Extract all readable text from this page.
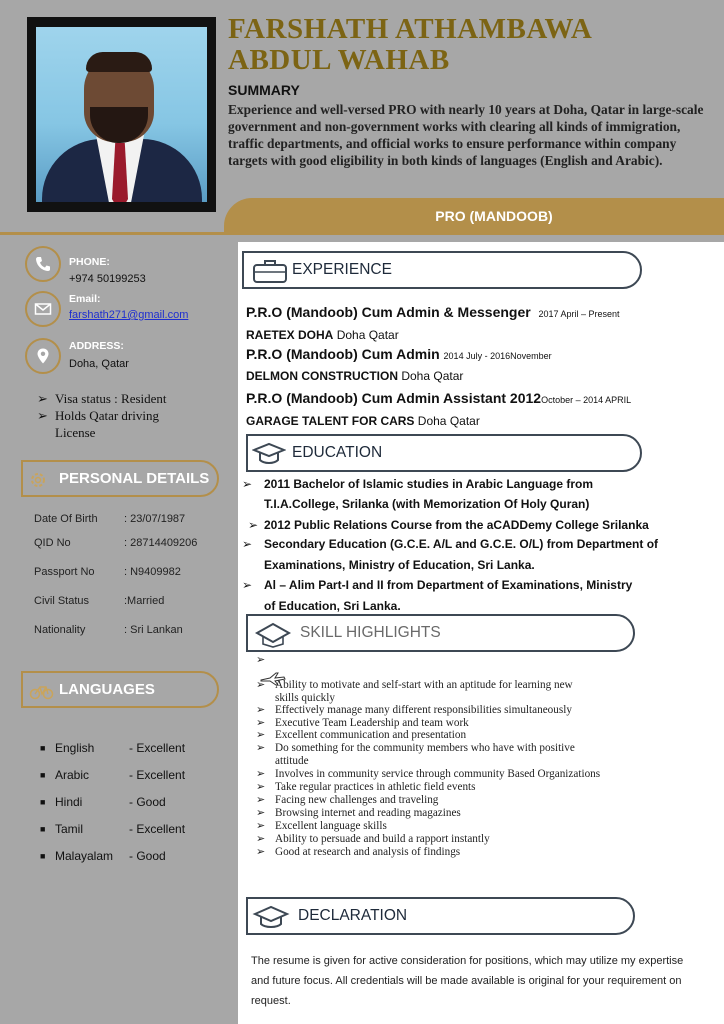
FARSHATH ATHAMBAWA
ABDUL WAHAB
SUMMARY
Experience and well-versed PRO with nearly 10 years at Doha, Qatar in large-scale government and non-government works with clearing all kinds of immigration, traffic departments, and official works to ensure performance within company targets with good eligibility in both kinds of languages (English and Arabic).
PRO (MANDOOB)
PHONE:
+974 50199253
Email:
farshath271@gmail.com
ADDRESS:
Doha, Qatar
➢ Visa status : Resident
➢ Holds Qatar driving
License
PERSONAL DETAILS
Date Of Birth : 23/07/1987
QID No	: 28714409206
Passport No	: N9409982
Civil Status	:Married
Nationality	: Sri Lankan
LANGUAGES
■ English	- Excellent
■ Arabic	- Excellent
■ Hindi	- Good
■ Tamil	- Excellent
■ Malayalam - Good
EXPERIENCE
P.R.O (Mandoob) Cum Admin & Messenger 2017 April – Present
RAETEX DOHA Doha Qatar
P.R.O (Mandoob) Cum Admin 2014 July - 2016November
DELMON CONSTRUCTION Doha Qatar
P.R.O (Mandoob) Cum Admin Assistant 2012October – 2014 APRIL
GARAGE TALENT FOR CARS Doha Qatar
EDUCATION
➢ 2011 Bachelor of Islamic studies in Arabic Language from
T.I.A.College, Srilanka (with Memorization Of Holy Quran)
➢ 2012 Public Relations Course from the aCADDemy College Srilanka
➢ Secondary Education (G.C.E. A/L and G.C.E. O/L) from Department of
Examinations, Ministry of Education, Sri Lanka.
➢ Al – Alim Part-I and II from Department of Examinations, Ministry
of Education, Sri Lanka.
SKILL HIGHLIGHTS
➢
➢ Ability to motivate and self-start with an aptitude for learning new
skills quickly
➢ Effectively manage many different responsibilities simultaneously
➢ Executive Team Leadership and team work
➢ Excellent communication and presentation
➢ Do something for the community members who have with positive
attitude
➢ Involves in community service through community Based Organizations
➢ Take regular practices in athletic field events
➢ Facing new challenges and traveling
➢ Browsing internet and reading magazines
➢ Excellent language skills
➢ Ability to persuade and build a rapport instantly
➢ Good at research and analysis of findings
DECLARATION
The resume is given for active consideration for positions, which may utilize my expertise and future focus. All credentials will be made available is original for your requirement on request.
